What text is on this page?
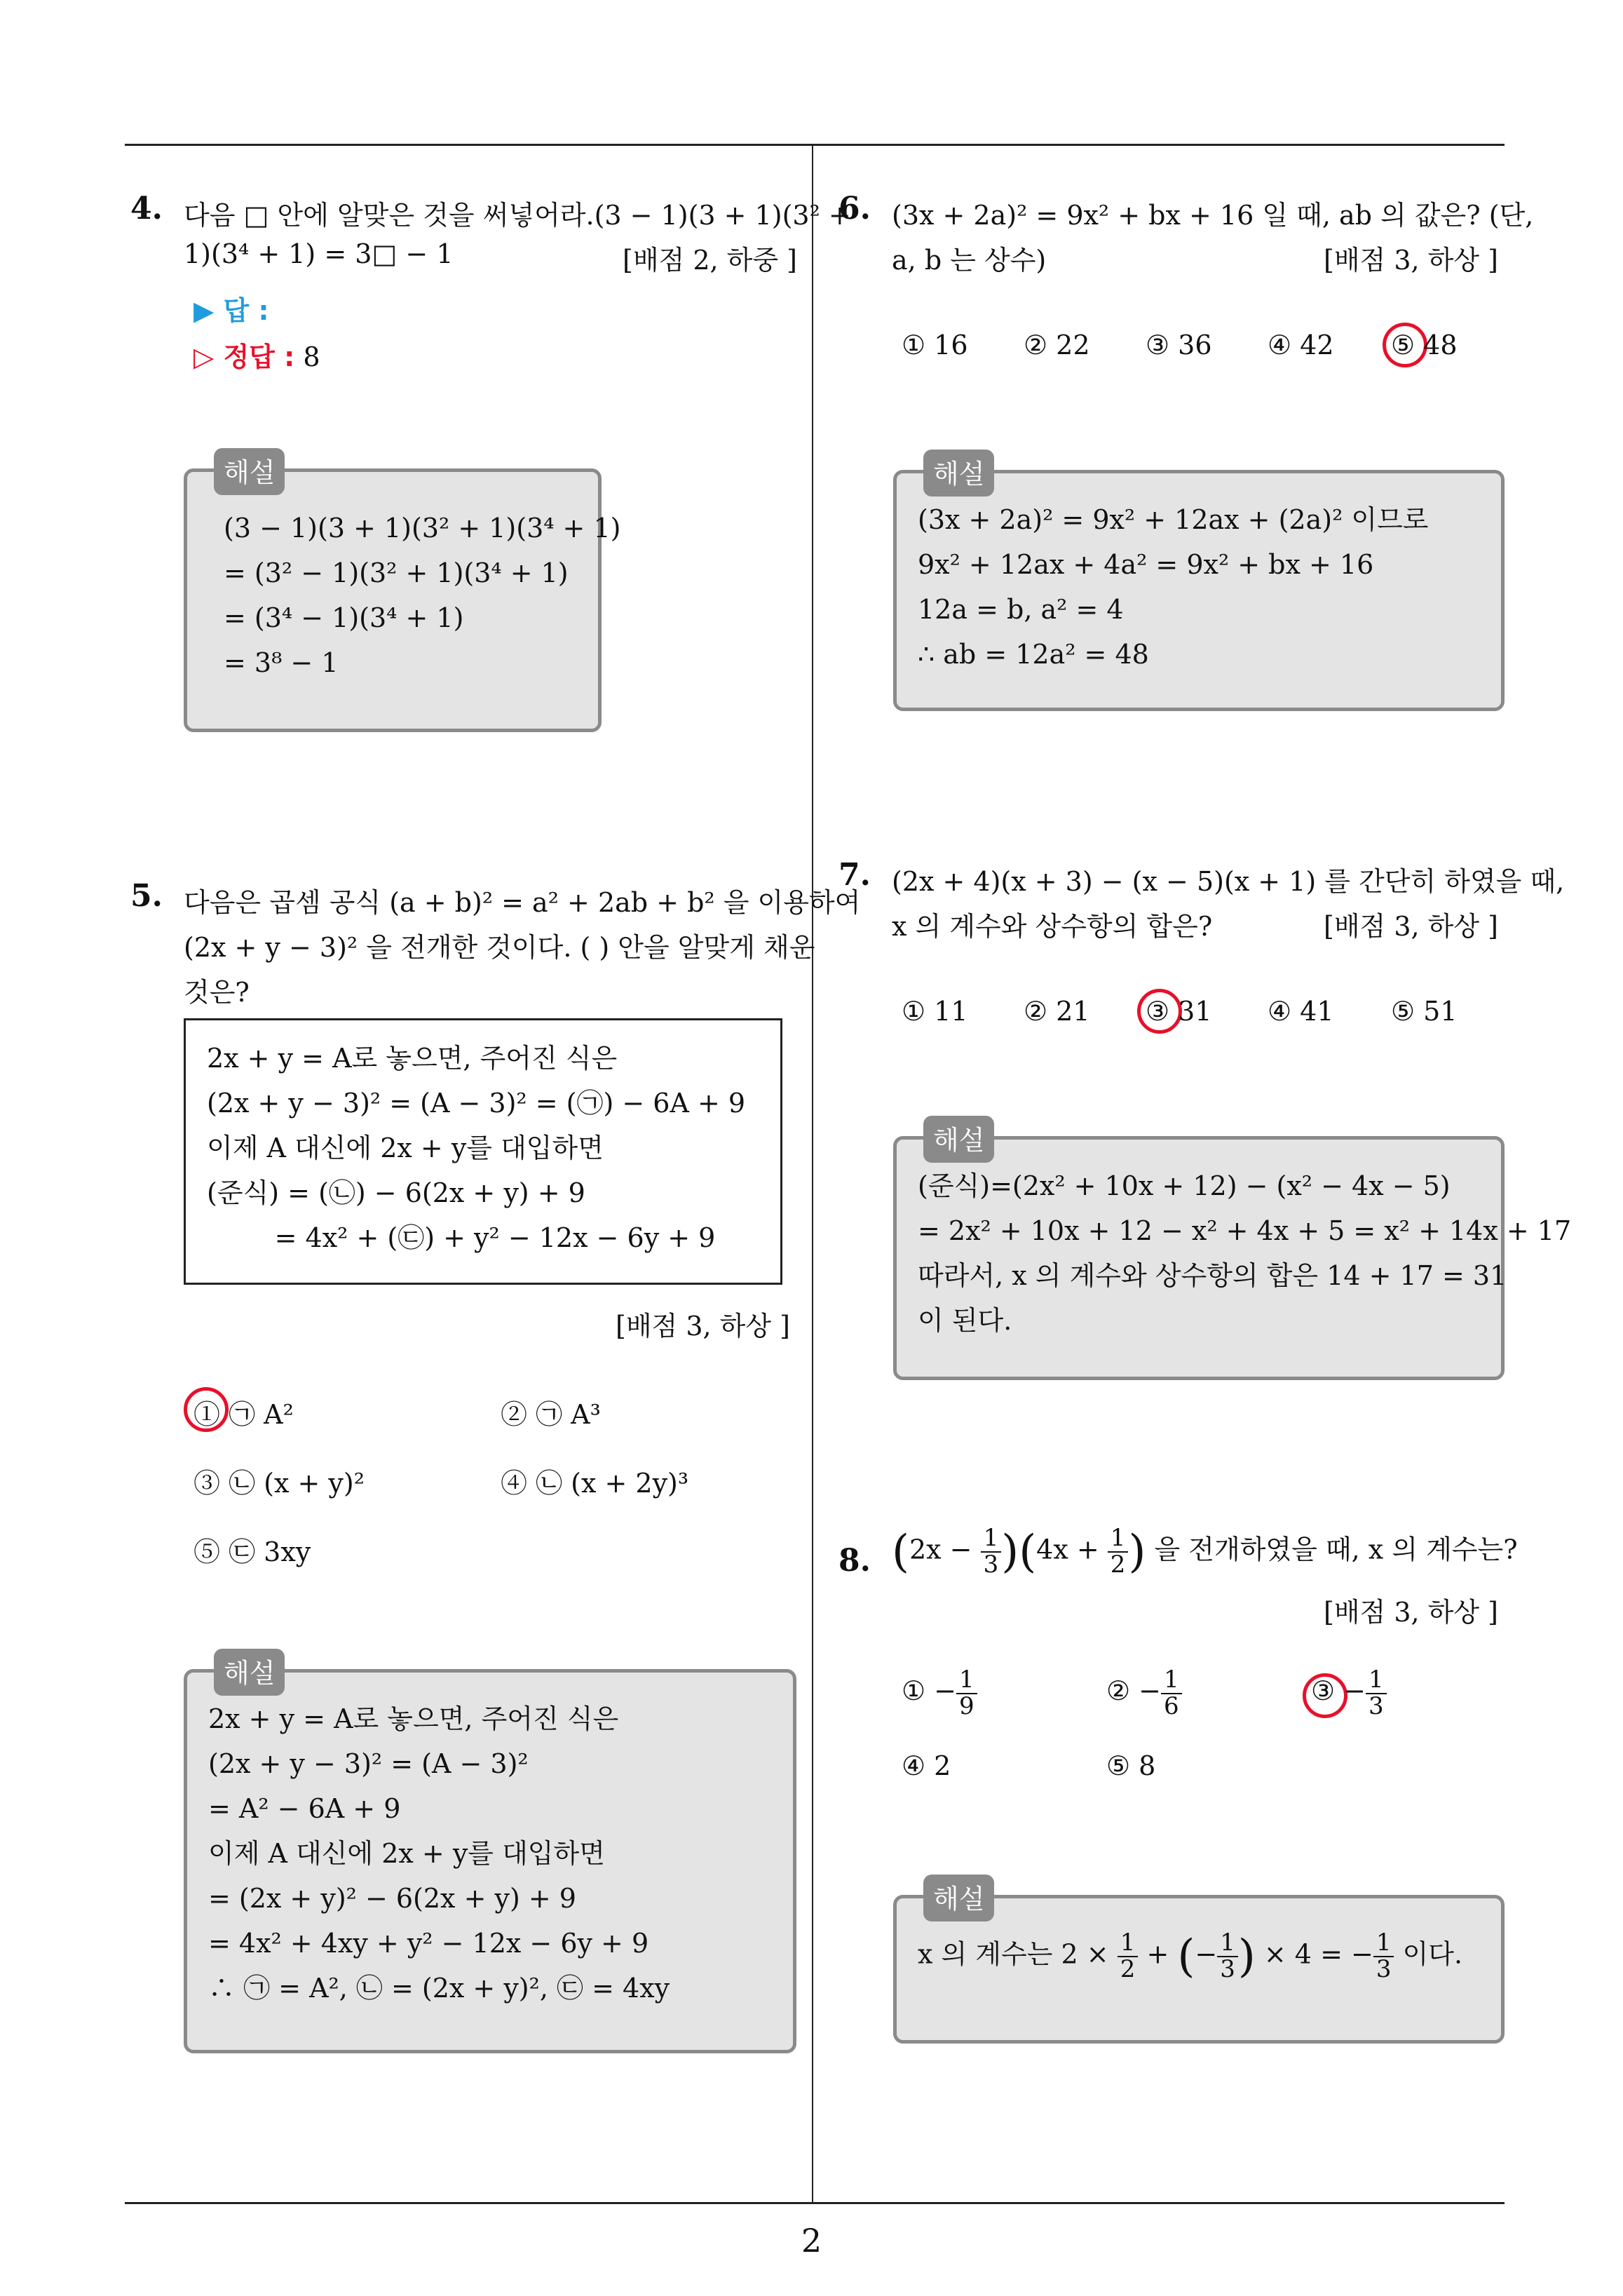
2
4. 다음 □ 안에 알맞은 것을 써넣어라.(3 − 1)(3 + 1)(3² +
1)(3⁴ + 1) = 3□ − 1	[배점 2, 하중 ]
▶ 답 :
▷ 정답 : 8
해설
(3 − 1)(3 + 1)(3² + 1)(3⁴ + 1)
= (3² − 1)(3² + 1)(3⁴ + 1)
= (3⁴ − 1)(3⁴ + 1)
= 3⁸ − 1
5. 다음은 곱셈 공식 (a + b)² = a² + 2ab + b² 을 이용하여
(2x + y − 3)² 을 전개한 것이다. ( ) 안을 알맞게 채운
것은?
2x + y = A로 놓으면, 주어진 식은
(2x + y − 3)² = (A − 3)² = (㉠) − 6A + 9
이제 A 대신에 2x + y를 대입하면
(준식) = (㉡) − 6(2x + y) + 9
= 4x² + (㉢) + y² − 12x − 6y + 9
[배점 3, 하상 ]
① ㉠ A²	② ㉠ A³
③ ㉡ (x + y)²	④ ㉡ (x + 2y)³
⑤ ㉢ 3xy
해설
2x + y = A로 놓으면, 주어진 식은
(2x + y − 3)² = (A − 3)²
= A² − 6A + 9
이제 A 대신에 2x + y를 대입하면
= (2x + y)² − 6(2x + y) + 9
= 4x² + 4xy + y² − 12x − 6y + 9
∴ ㉠ = A², ㉡ = (2x + y)², ㉢ = 4xy
6. (3x + 2a)² = 9x² + bx + 16 일 때, ab 의 값은? (단,
a, b 는 상수)	[배점 3, 하상 ]
① 16 ② 22 ③ 36 ④ 42 ⑤ 48
해설
(3x + 2a)² = 9x² + 12ax + (2a)² 이므로
9x² + 12ax + 4a² = 9x² + bx + 16
12a = b, a² = 4
∴ ab = 12a² = 48
7. (2x + 4)(x + 3) − (x − 5)(x + 1) 를 간단히 하였을 때,
x 의 계수와 상수항의 합은?	[배점 3, 하상 ]
① 11 ② 21 ③ 31 ④ 41 ⑤ 51
해설
(준식)=(2x² + 10x + 12) − (x² − 4x − 5)
= 2x² + 10x + 12 − x² + 4x + 5 = x² + 14x + 17
따라서, x 의 계수와 상수항의 합은 14 + 17 = 31
이 된다.
8. $(2x - \frac{1}{3} )(4x + \frac{1}{2}$ ) 을 전개하였을 때, x 의 계수는?
[배점 3, 하상 ]
① − $\frac{1}{9}$	② − $\frac{1}{6}$	③ − $\frac{1}{3}$
④ 2	⑤ 8
해설
x 의 계수는 $2 \times \frac{1}{2}$ + (− $\frac{1}{3}$ ) × 4 = − $\frac{1}{3}$ 이다.
